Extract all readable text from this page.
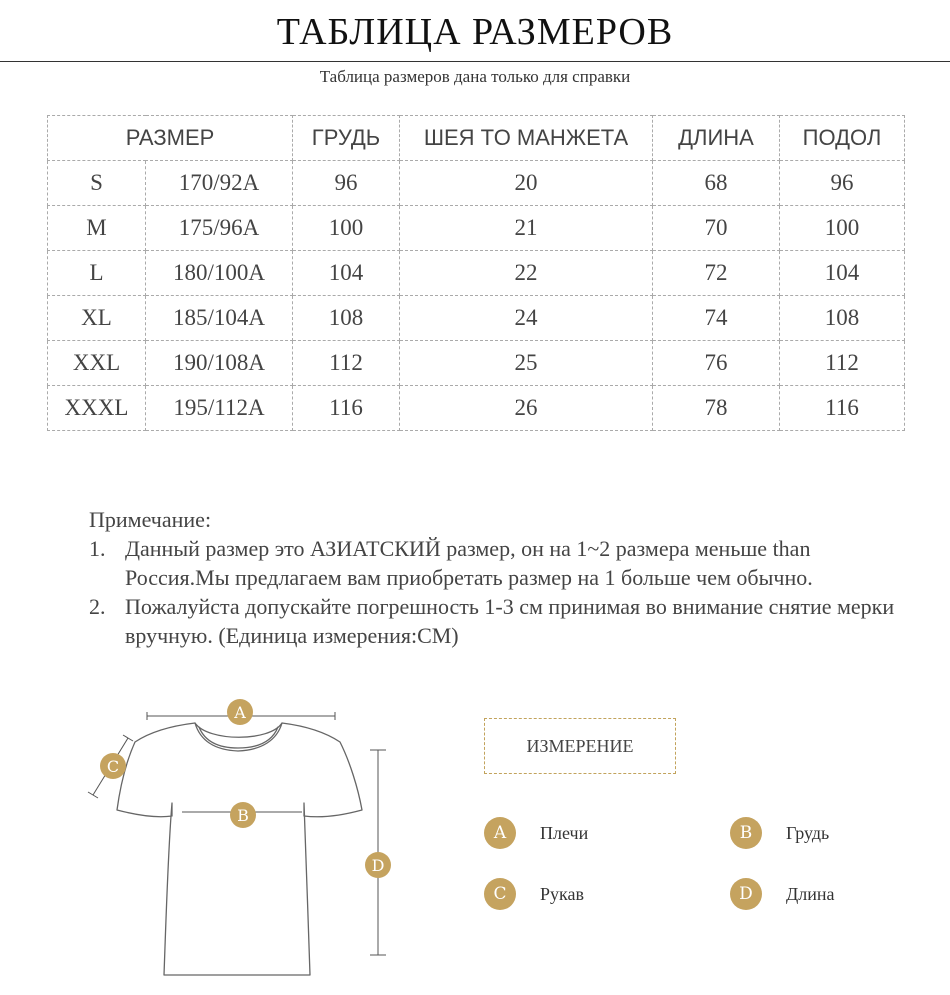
ТАБЛИЦА РАЗМЕРОВ
Таблица размеров дана только для справки
РАЗМЕР		ГРУДЬ	ШЕЯ TO МАНЖЕТА	ДЛИНА	ПОДОЛ
S	170/92A	96	20	68	96
M	175/96A	100	21	70	100
L	180/100A	104	22	72	104
XL	185/104A	108	24	74	108
XXL	190/108A	112	25	76	112
XXXL	195/112A	116	26	78	116

Примечание:

1. Данный размер это АЗИАТСКИЙ размер, он на 1~2 размера меньше than Россия.Мы предлагаем вам приобретать размер на 1 больше чем обычно.

2. Пожалуйста допускайте погрешность 1-3 см принимая во внимание снятие мерки вручную. (Единица измерения:CM)

A
B
C
D
ИЗМЕРЕНИЕ
A	Плечи	B	Грудь
C	Рукав	D	Длина
